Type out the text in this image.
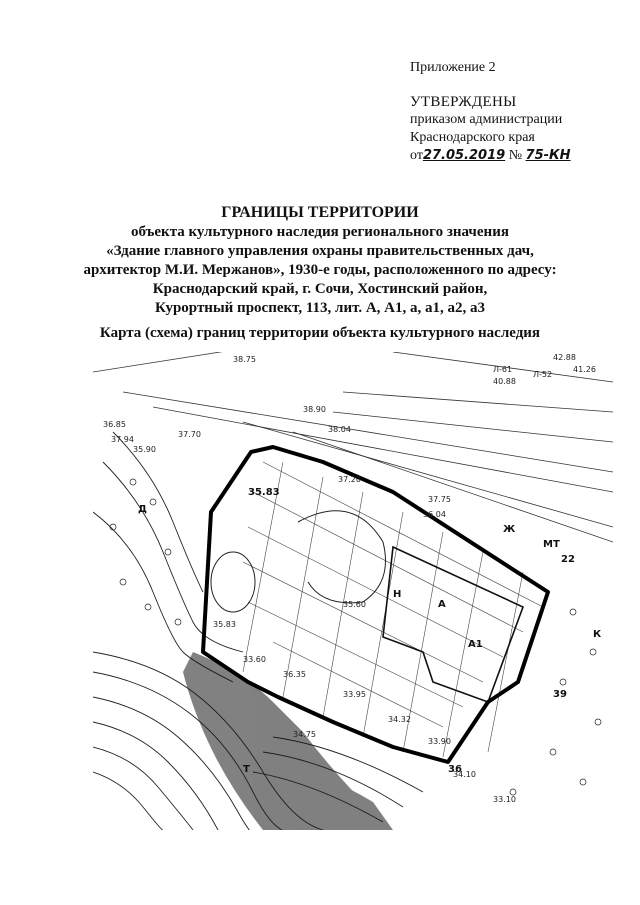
Приложение 2
УТВЕРЖДЕНЫ
приказом администрации
Краснодарского края
от27.05.2019 № 75-КН
ГРАНИЦЫ ТЕРРИТОРИИ
объекта культурного наследия регионального значения
«Здание главного управления охраны правительственных дач,
архитектор М.И. Мержанов», 1930-е годы, расположенного по адресу:
Краснодарский край, г. Сочи, Хостинский район,
Курортный проспект, 113, лит. А, А1, а, а1, а2, а3
Карта (схема) границ территории объекта культурного наследия
38.75
38.90
36.85
37.94
35.90
37.70
38.04
35.83
37.20
36.04
35.60
35.83
33.60
36.35
33.95
34.32
33.90
34.75
34.10
33.10
Ж
Н
А
А1
Д
К
39
22
36
МТ
Т
Л-61
40.88
Л-52
42.88
41.26
37.75
